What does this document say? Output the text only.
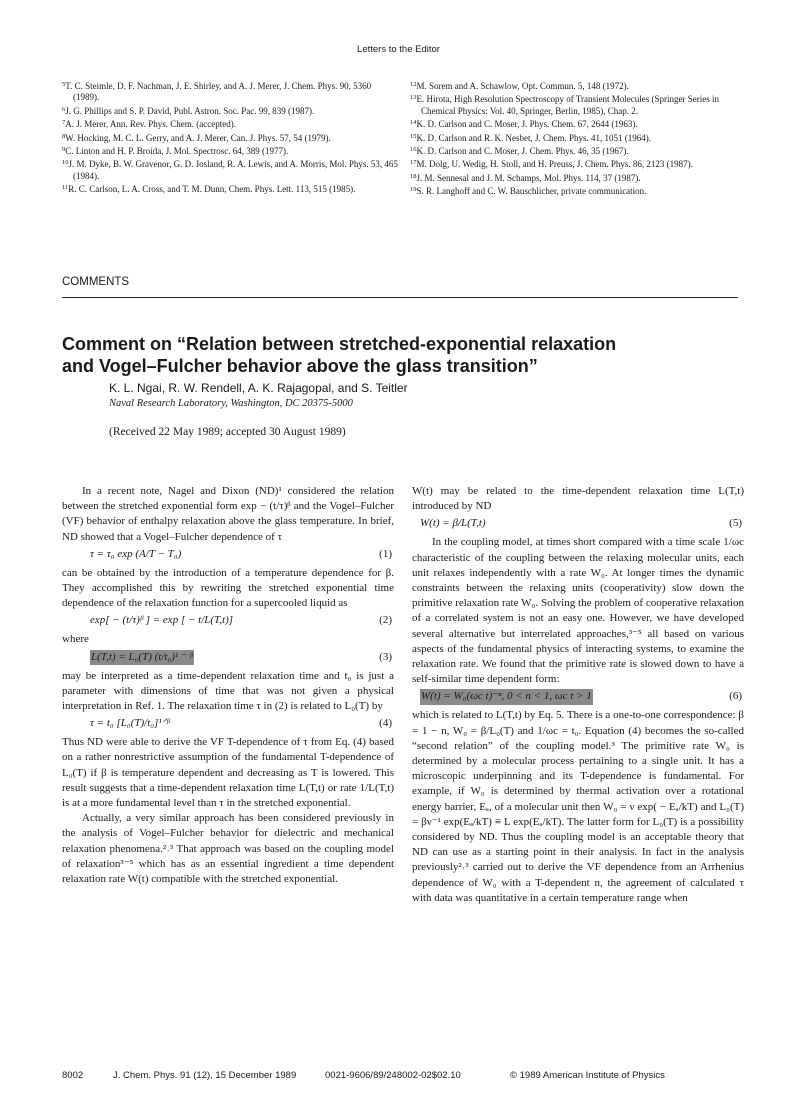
Letters to the Editor

$^5$T. C. Steimle, D. F. Nachman, J. E. Shirley, and A. J. Merer, J. Chem. Phys. 90, 5360 (1989).

$^6$J. G. Phillips and S. P. David, Publ. Astron. Soc. Pac. 99, 839 (1987).

$^7$A. J. Merer, Ann. Rev. Phys. Chem. (accepted).

$^8$W. Hocking, M. C. L. Gerry, and A. J. Merer, Can. J. Phys. 57, 54 (1979).

$^9$C. Linton and H. P. Broida, J. Mol. Spectrosc. 64, 389 (1977).

$^{10}$J. M. Dyke, B. W. Gravenor, G. D. Josland, R. A. Lewis, and A. Morris, Mol. Phys. 53, 465 (1984).

$^{11}$R. C. Carlson, L. A. Cross, and T. M. Dunn, Chem. Phys. Lett. 113, 515 (1985).

$^{12}$M. Sorem and A. Schawlow, Opt. Commun. 5, 148 (1972).

$^{13}$E. Hirota, High Resolution Spectroscopy of Transient Molecules (Springer Series in Chemical Physics: Vol. 40, Springer, Berlin, 1985), Chap. 2.

$^{14}$K. D. Carlson and C. Moser, J. Phys. Chem. 67, 2644 (1963).

$^{15}$K. D. Carlson and R. K. Nesbet, J. Chem. Phys. 41, 1051 (1964).

$^{16}$K. D. Carlson and C. Moser, J. Chem. Phys. 46, 35 (1967).

$^{17}$M. Dolg, U. Wedig, H. Stoll, and H. Preuss, J. Chem. Phys. 86, 2123 (1987).

$^{18}$J. M. Sennesal and J. M. Schamps, Mol. Phys. 114, 37 (1987).

$^{19}$S. R. Langhoff and C. W. Bauschlicher, private communication.

COMMENTS
Comment on “Relation between stretched-exponential relaxation
and Vogel–Fulcher behavior above the glass transition”
K. L. Ngai, R. W. Rendell, A. K. Rajagopal, and S. Teitler
Naval Research Laboratory, Washington, DC 20375-5000
(Received 22 May 1989; accepted 30 August 1989)

In a recent note, Nagel and Dixon (ND)¹ considered the relation between the stretched exponential form exp − (t/τ)ᵝ and the Vogel–Fulcher (VF) behavior of enthalpy relaxation above the glass temperature. In brief, ND showed that a Vogel–Fulcher dependence of τ

τ = τ₀ exp (A/T − T₀)	(1)

can be obtained by the introduction of a temperature dependence for β. They accomplished this by rewriting the stretched exponential time dependence of the relaxation function for a supercooled liquid as

exp[ − (t/τ)ᵝ ] = exp [ − t/L(T,t)]	(2)

where

L(T,t) = L₀(T) (t/t₀)¹ ⁻ ᵝ	(3)

may be interpreted as a time-dependent relaxation time and t₀ is just a parameter with dimensions of time that was not given a physical interpretation in Ref. 1. The relaxation time τ in (2) is related to L₀(T) by

τ = t₀ [L₀(T)/t₀]¹ᐟᵝ	(4)

Thus ND were able to derive the VF T-dependence of τ from Eq. (4) based on a rather nonrestrictive assumption of the fundamental T-dependence of L₀(T) if β is temperature dependent and decreasing as T is lowered. This result suggests that a time-dependent relaxation time L(T,t) or rate 1/L(T,t) is at a more fundamental level than τ in the stretched exponential.

Actually, a very similar approach has been considered previously in the analysis of Vogel–Fulcher behavior for dielectric and mechanical relaxation phenomena.²˒³ That approach was based on the coupling model of relaxation³⁻⁵ which has as an essential ingredient a time dependent relaxation rate W(t) compatible with the stretched exponential.

W(t) may be related to the time-dependent relaxation time L(T,t) introduced by ND

W(t) = β/L(T,t)	(5)

In the coupling model, at times short compared with a time scale 1/ωc characteristic of the coupling between the relaxing molecular units, each unit relaxes independently with a rate W₀. At longer times the dynamic constraints between the relaxing units (cooperativity) slow down the primitive relaxation rate W₀. Solving the problem of cooperative relaxation of a correlated system is not an easy one. However, we have developed several alternative but interrelated approaches,³⁻⁵ all based on various aspects of the fundamental physics of interacting systems, to examine the relaxation rate. We found that the primitive rate is slowed down to have a self-similar time dependent form:

W(t) = W₀(ωc t)⁻ⁿ, 0 < n < 1, ωc t > 1	(6)

which is related to L(T,t) by Eq. 5. There is a one-to-one correspondence: β = 1 − n, W₀ = β/L₀(T) and 1/ωc = t₀. Equation (4) becomes the so-called “second relation” of the coupling model.³ The primitive rate W₀ is determined by a molecular process pertaining to a single unit. It has a microscopic underpinning and its T-dependence is fundamental. For example, if W₀ is determined by thermal activation over a rotational energy barrier, Eₐ, of a molecular unit then W₀ = ν exp( − Eₐ/kT) and L₀(T) = βν⁻¹ exp(Eₐ/kT) ≡ L exp(Eₐ/kT). The latter form for L₀(T) is a possibility considered by ND. Thus the coupling model is an acceptable theory that ND can use as a starting point in their analysis. In fact in the analysis previously²˒³ carried out to derive the VF dependence from an Arrhenius dependence of W₀ with a T-dependent n, the agreement of calculated τ with data was quantitative in a certain temperature range when

8002	J. Chem. Phys. 91 (12), 15 December 1989	0021-9606/89/248002-02$02.10	© 1989 American Institute of Physics
